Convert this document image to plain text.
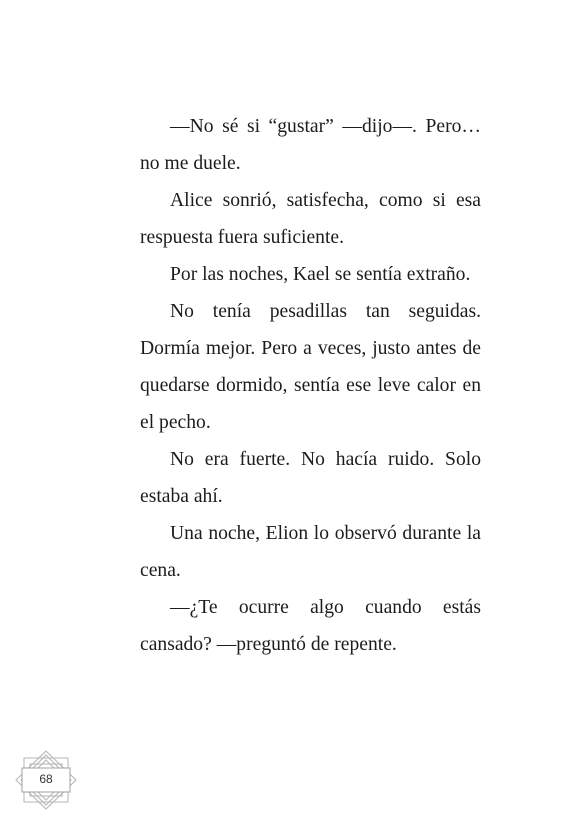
—No sé si “gustar” —dijo—. Pero… no me duele.

Alice sonrió, satisfecha, como si esa respuesta fuera suficiente.

Por las noches, Kael se sentía extraño.

No tenía pesadillas tan seguidas. Dormía mejor. Pero a veces, justo antes de quedarse dormido, sentía ese leve calor en el pecho.

No era fuerte. No hacía ruido. Solo estaba ahí.

Una noche, Elion lo observó durante la cena.

—¿Te ocurre algo cuando estás cansado? —preguntó de repente.

68
